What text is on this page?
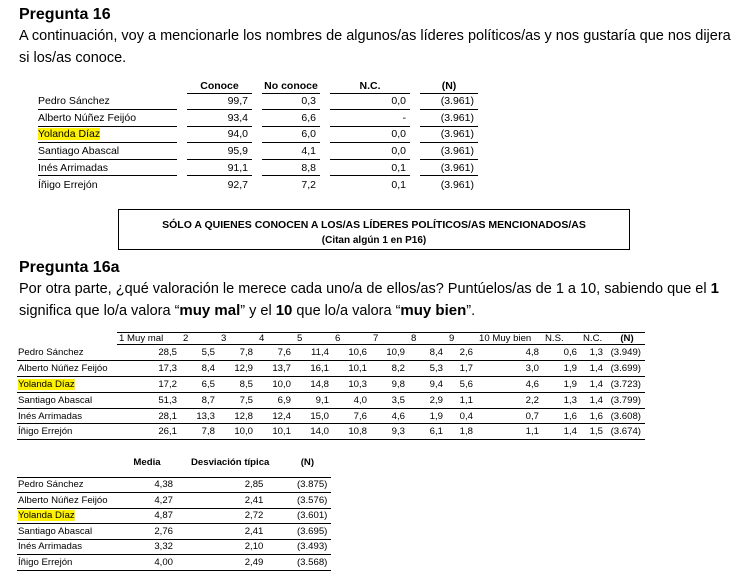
Pregunta 16
A continuación, voy a mencionarle los nombres de algunos/as líderes políticos/as y nos gustaría que nos dijera si los/as conoce.
		Conoce		No conoce		N.C.		(N)
Pedro Sánchez		99,7		0,3		0,0		(3.961)
Alberto Núñez Feijóo		93,4		6,6		-		(3.961)
Yolanda Díaz		94,0		6,0		0,0		(3.961)
Santiago Abascal		95,9		4,1		0,0		(3.961)
Inés Arrimadas		91,1		8,8		0,1		(3.961)
Íñigo Errejón		92,7		7,2		0,1		(3.961)
SÓLO A QUIENES CONOCEN A LOS/AS LÍDERES POLÍTICOS/AS MENCIONADOS/AS
(Citan algún 1 en P16)
Pregunta 16a
Por otra parte, ¿qué valoración le merece cada uno/a de ellos/as? Puntúelos/as de 1 a 10, sabiendo que el 1 significa que lo/a valora “muy mal” y el 10 que lo/a valora “muy bien”.
	1 Muy mal	2	3	4	5	6	7	8	9	10 Muy bien	N.S.	N.C.	(N)
Pedro Sánchez	28,5	5,5	7,8	7,6	11,4	10,6	10,9	8,4	2,6	4,8	0,6	1,3	(3.949)
Alberto Núñez Feijóo	17,3	8,4	12,9	13,7	16,1	10,1	8,2	5,3	1,7	3,0	1,9	1,4	(3.699)
Yolanda Díaz	17,2	6,5	8,5	10,0	14,8	10,3	9,8	9,4	5,6	4,6	1,9	1,4	(3.723)
Santiago Abascal	51,3	8,7	7,5	6,9	9,1	4,0	3,5	2,9	1,1	2,2	1,3	1,4	(3.799)
Inés Arrimadas	28,1	13,3	12,8	12,4	15,0	7,6	4,6	1,9	0,4	0,7	1,6	1,6	(3.608)
Íñigo Errejón	26,1	7,8	10,0	10,1	14,0	10,8	9,3	6,1	1,8	1,1	1,4	1,5	(3.674)
	Media	Desviación típica	(N)
Pedro Sánchez	4,38	2,85	(3.875)
Alberto Núñez Feijóo	4,27	2,41	(3.576)
Yolanda Díaz	4,87	2,72	(3.601)
Santiago Abascal	2,76	2,41	(3.695)
Inés Arrimadas	3,32	2,10	(3.493)
Íñigo Errejón	4,00	2,49	(3.568)
